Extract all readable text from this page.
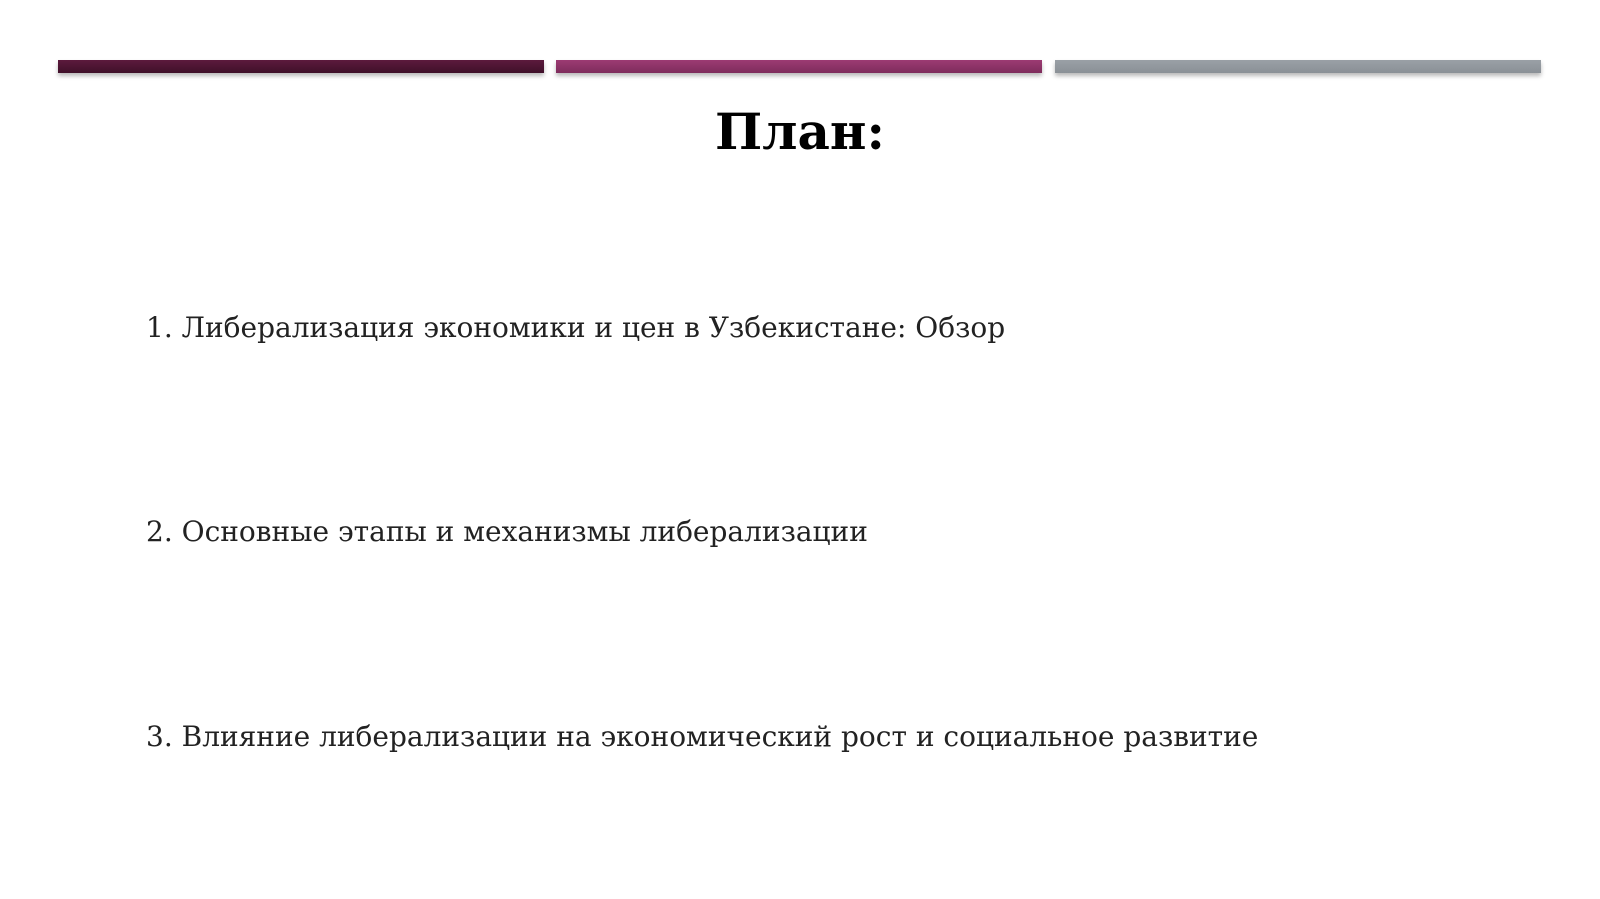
План:
1. Либерализация экономики и цен в Узбекистане: Обзор
2. Основные этапы и механизмы либерализации
3. Влияние либерализации на экономический рост и социальное развитие
